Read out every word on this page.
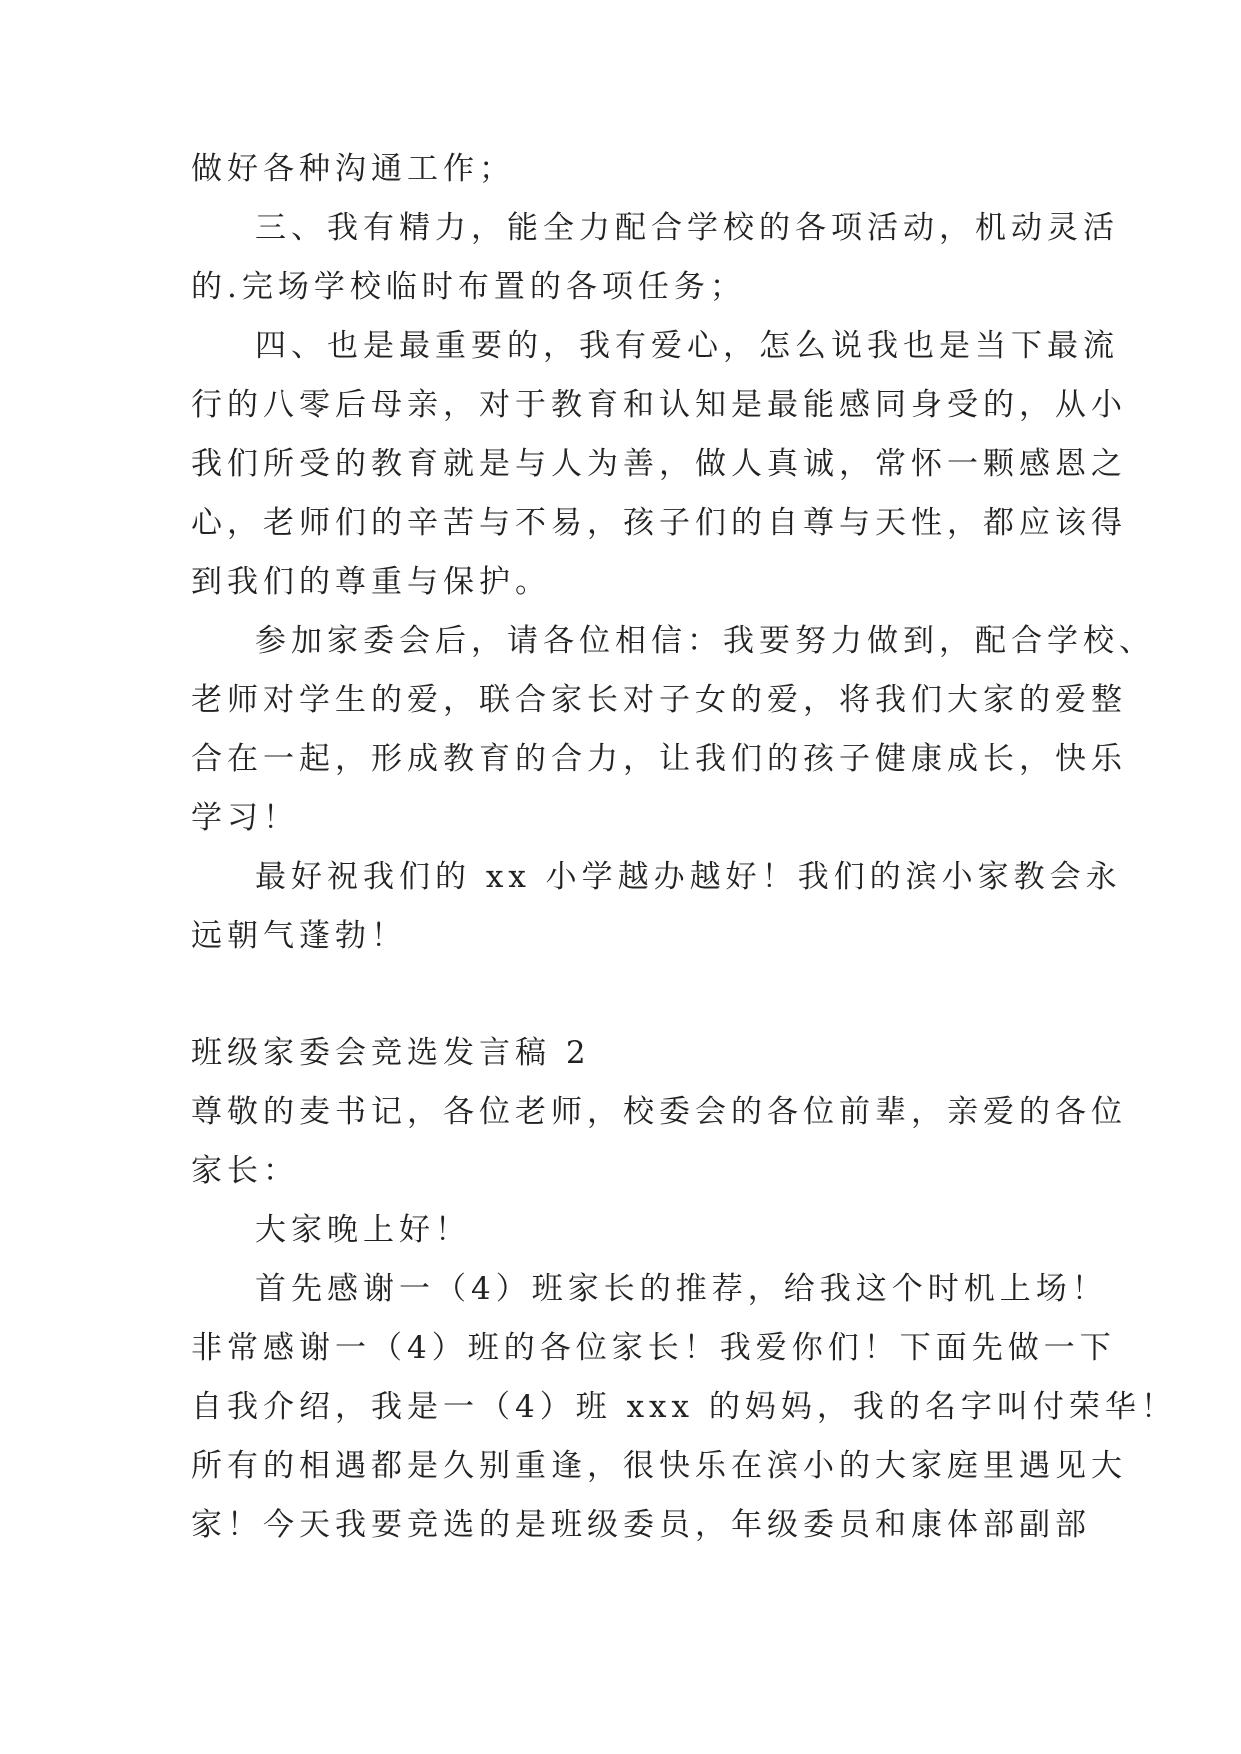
做好各种沟通工作；
三、我有精力，能全力配合学校的各项活动，机动灵活
的.完场学校临时布置的各项任务；
四、也是最重要的，我有爱心，怎么说我也是当下最流
行的八零后母亲，对于教育和认知是最能感同身受的，从小
我们所受的教育就是与人为善，做人真诚，常怀一颗感恩之
心，老师们的辛苦与不易，孩子们的自尊与天性，都应该得
到我们的尊重与保护。
参加家委会后，请各位相信：我要努力做到，配合学校、
老师对学生的爱，联合家长对子女的爱，将我们大家的爱整
合在一起，形成教育的合力，让我们的孩子健康成长，快乐
学习！
最好祝我们的 xx 小学越办越好！我们的滨小家教会永
远朝气蓬勃！
班级家委会竞选发言稿 2
尊敬的麦书记，各位老师，校委会的各位前辈，亲爱的各位
家长：
大家晚上好！
首先感谢一（4）班家长的推荐，给我这个时机上场！
非常感谢一（4）班的各位家长！我爱你们！下面先做一下
自我介绍，我是一（4）班 xxx 的妈妈，我的名字叫付荣华！
所有的相遇都是久别重逢，很快乐在滨小的大家庭里遇见大
家！今天我要竞选的是班级委员，年级委员和康体部副部
